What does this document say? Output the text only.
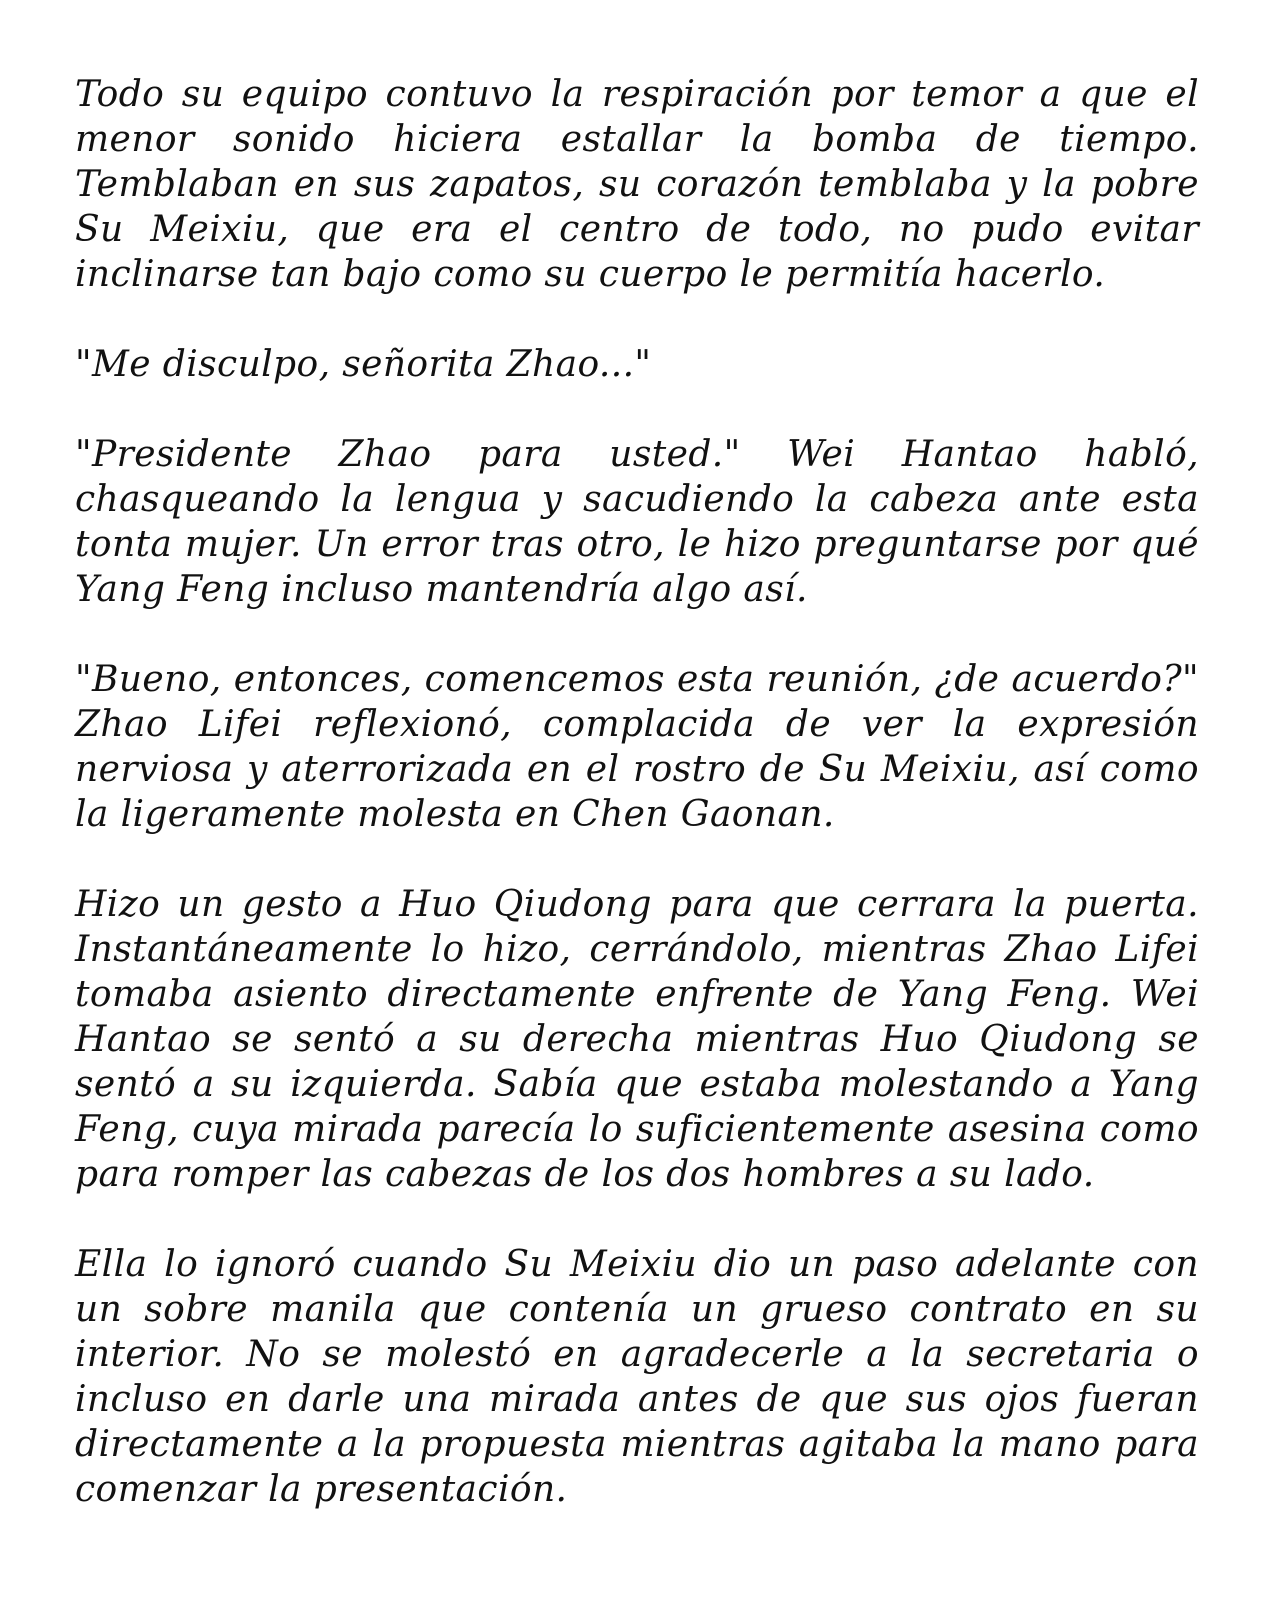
Todo su equipo contuvo la respiración por temor a que el menor sonido hiciera estallar la bomba de tiempo. Temblaban en sus zapatos, su corazón temblaba y la pobre Su Meixiu, que era el centro de todo, no pudo evitar inclinarse tan bajo como su cuerpo le permitía hacerlo.

"Me disculpo, señorita Zhao..."

"Presidente Zhao para usted." Wei Hantao habló, chasqueando la lengua y sacudiendo la cabeza ante esta tonta mujer. Un error tras otro, le hizo preguntarse por qué Yang Feng incluso mantendría algo así.

"Bueno, entonces, comencemos esta reunión, ¿de acuerdo?" Zhao Lifei reflexionó, complacida de ver la expresión nerviosa y aterrorizada en el rostro de Su Meixiu, así como la ligeramente molesta en Chen Gaonan.

Hizo un gesto a Huo Qiudong para que cerrara la puerta. Instantáneamente lo hizo, cerrándolo, mientras Zhao Lifei tomaba asiento directamente enfrente de Yang Feng. Wei Hantao se sentó a su derecha mientras Huo Qiudong se sentó a su izquierda. Sabía que estaba molestando a Yang Feng, cuya mirada parecía lo suficientemente asesina como para romper las cabezas de los dos hombres a su lado.

Ella lo ignoró cuando Su Meixiu dio un paso adelante con un sobre manila que contenía un grueso contrato en su interior. No se molestó en agradecerle a la secretaria o incluso en darle una mirada antes de que sus ojos fueran directamente a la propuesta mientras agitaba la mano para comenzar la presentación.
